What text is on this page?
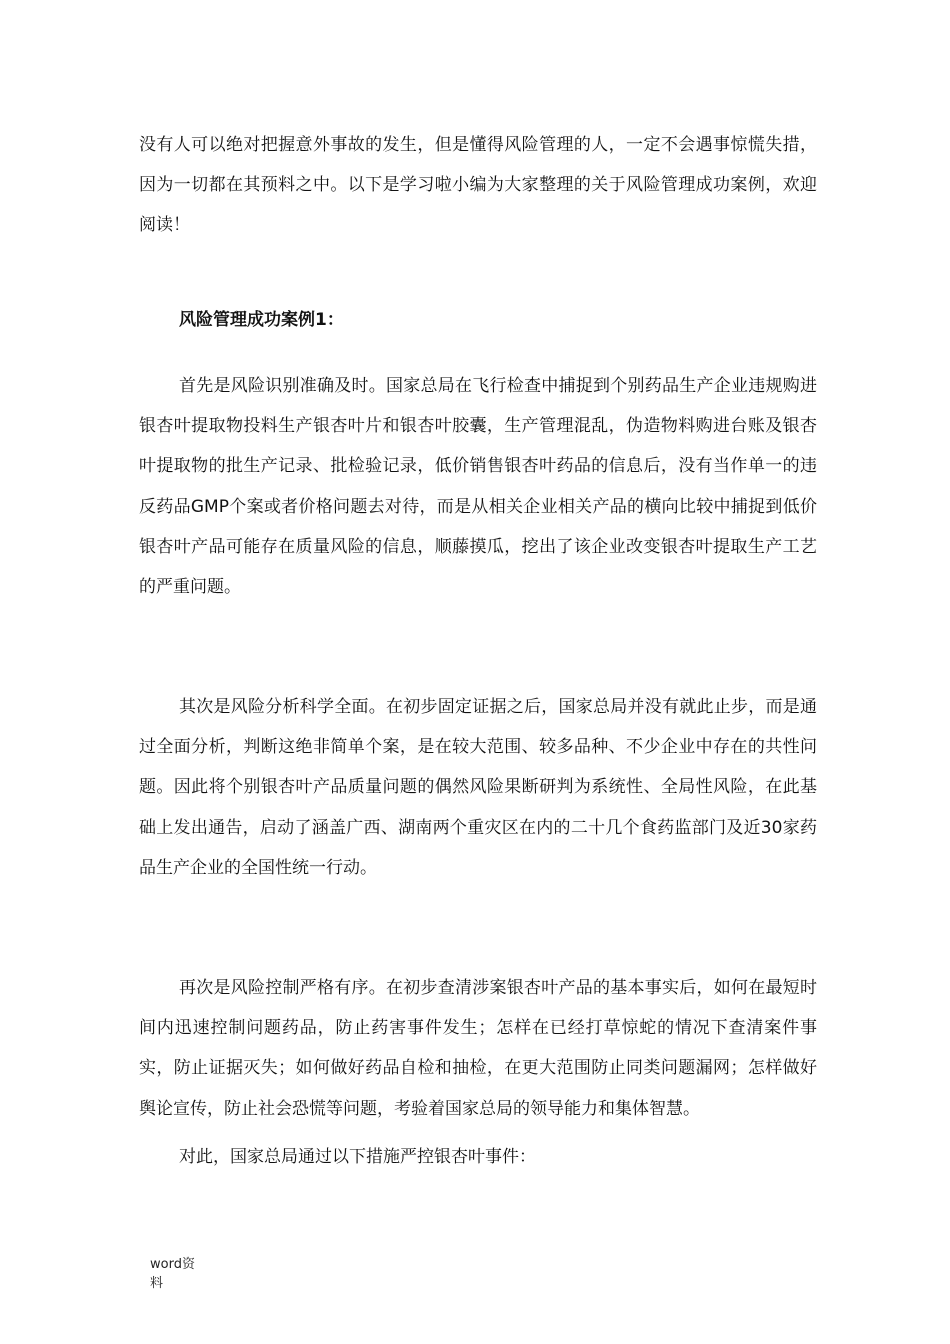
没有人可以绝对把握意外事故的发生，但是懂得风险管理的人，一定不会遇事惊慌失措，因为一切都在其预料之中。以下是学习啦小编为大家整理的关于风险管理成功案例，欢迎阅读！

风险管理成功案例1：

首先是风险识别准确及时。国家总局在飞行检查中捕捉到个别药品生产企业违规购进银杏叶提取物投料生产银杏叶片和银杏叶胶囊，生产管理混乱，伪造物料购进台账及银杏叶提取物的批生产记录、批检验记录，低价销售银杏叶药品的信息后，没有当作单一的违反药品GMP个案或者价格问题去对待，而是从相关企业相关产品的横向比较中捕捉到低价银杏叶产品可能存在质量风险的信息，顺藤摸瓜，挖出了该企业改变银杏叶提取生产工艺的严重问题。

其次是风险分析科学全面。在初步固定证据之后，国家总局并没有就此止步，而是通过全面分析，判断这绝非简单个案，是在较大范围、较多品种、不少企业中存在的共性问题。因此将个别银杏叶产品质量问题的偶然风险果断研判为系统性、全局性风险，在此基础上发出通告，启动了涵盖广西、湖南两个重灾区在内的二十几个食药监部门及近30家药品生产企业的全国性统一行动。

再次是风险控制严格有序。在初步查清涉案银杏叶产品的基本事实后，如何在最短时间内迅速控制问题药品，防止药害事件发生；怎样在已经打草惊蛇的情况下查清案件事实，防止证据灭失；如何做好药品自检和抽检，在更大范围防止同类问题漏网；怎样做好舆论宣传，防止社会恐慌等问题，考验着国家总局的领导能力和集体智慧。

对此，国家总局通过以下措施严控银杏叶事件：

word资料
